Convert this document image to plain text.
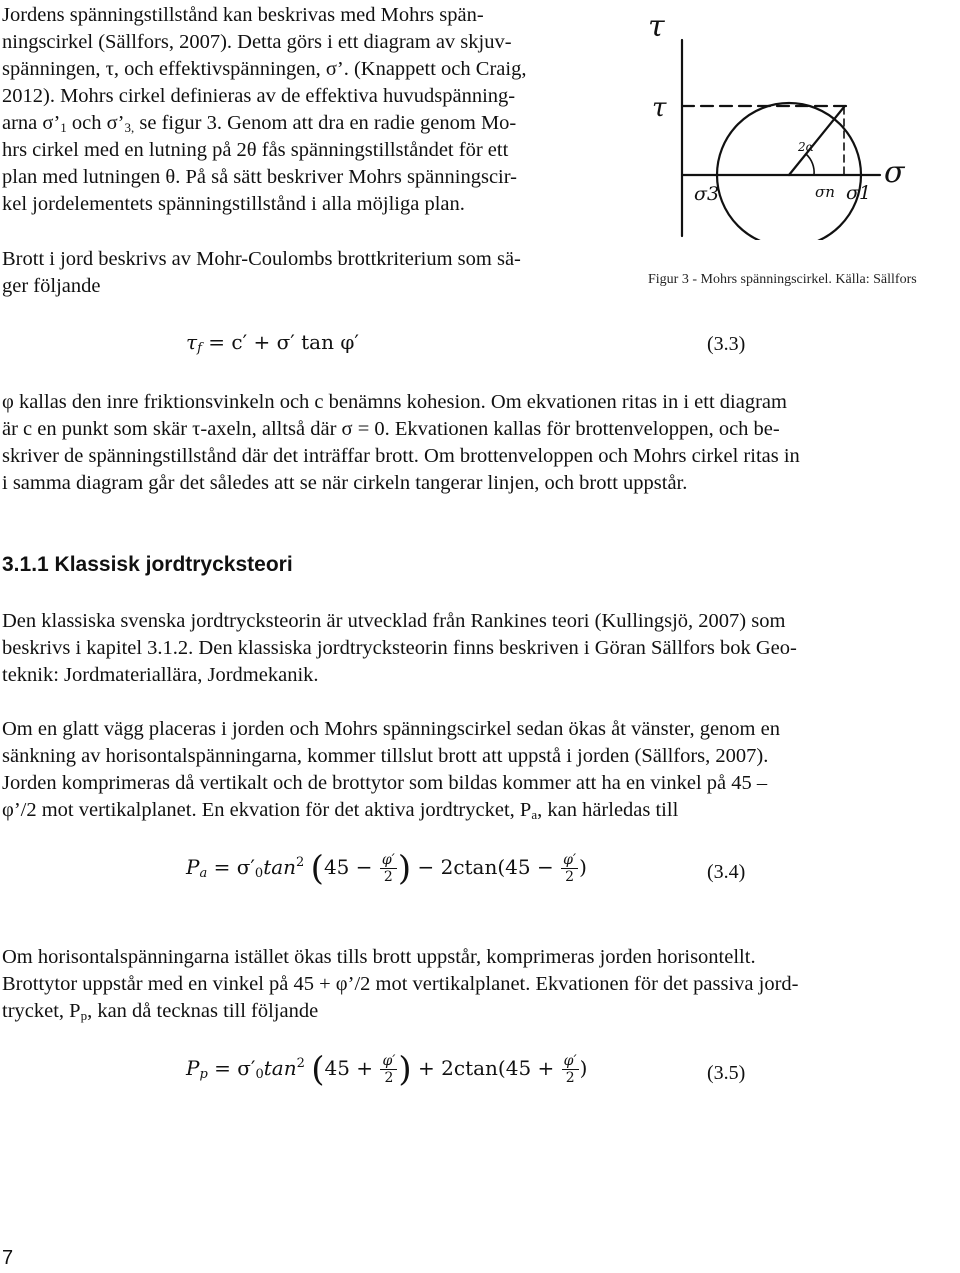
Jordens spänningstillstånd kan beskrivas med Mohrs spän-
ningscirkel (Sällfors, 2007). Detta görs i ett diagram av skjuv-
spänningen, τ, och effektivspänningen, σ’. (Knappett och Craig,
2012). Mohrs cirkel definieras av de effektiva huvudspänning-
arna $\sigma’_1$ och $\sigma’_{3,}$ se figur 3. Genom att dra en radie genom Mo-
hrs cirkel med en lutning på 2θ fås spänningstillståndet för ett
plan med lutningen θ. På så sätt beskriver Mohrs spänningscir-
kel jordelementets spänningstillstånd i alla möjliga plan.
τ
τ
σ
σ3	σ1
σn
2α
Brott i jord beskrivs av Mohr-Coulombs brottkriterium som sä-
ger följande	Figur 3 - Mohrs spänningscirkel. Källa: Sällfors
$\tau_f = c' + \sigma'$ tan φ′	(3.3)
φ kallas den inre friktionsvinkeln och c benämns kohesion. Om ekvationen ritas in i ett diagram
är c en punkt som skär τ-axeln, alltså där σ = 0. Ekvationen kallas för brottenveloppen, och be-
skriver de spänningstillstånd där det inträffar brott. Om brottenveloppen och Mohrs cirkel ritas in
i samma diagram går det således att se när cirkeln tangerar linjen, och brott uppstår.
3.1.1 Klassisk jordtrycksteori
Den klassiska svenska jordtrycksteorin är utvecklad från Rankines teori (Kullingsjö, 2007) som
beskrivs i kapitel 3.1.2. Den klassiska jordtrycksteorin finns beskriven i Göran Sällfors bok Geo-
teknik: Jordmateriallära, Jordmekanik.
Om en glatt vägg placeras i jorden och Mohrs spänningscirkel sedan ökas åt vänster, genom en
sänkning av horisontalspänningarna, kommer tillslut brott att uppstå i jorden (Sällfors, 2007).
Jorden komprimeras då vertikalt och de brottytor som bildas kommer att ha en vinkel på 45 –
φ’/2 mot vertikalplanet. En ekvation för det aktiva jordtrycket, $P_a$, kan härledas till
$P_a = \sigma'_0\tan^2$ ($45 - \frac{\varphi'}{2}$ ) − $2ctan(45 - \frac{\varphi'}{2}$ )	(3.4)
Om horisontalspänningarna istället ökas tills brott uppstår, komprimeras jorden horisontellt.
Brottytor uppstår med en vinkel på 45 + φ’/2 mot vertikalplanet. Ekvationen för det passiva jord-
trycket, $P_p$, kan då tecknas till följande
$P_p = \sigma'_0\tan^2$ ($45 + \frac{\varphi'}{2}$ ) + $2ctan(45 + \frac{\varphi'}{2}$ )	(3.5)
7
